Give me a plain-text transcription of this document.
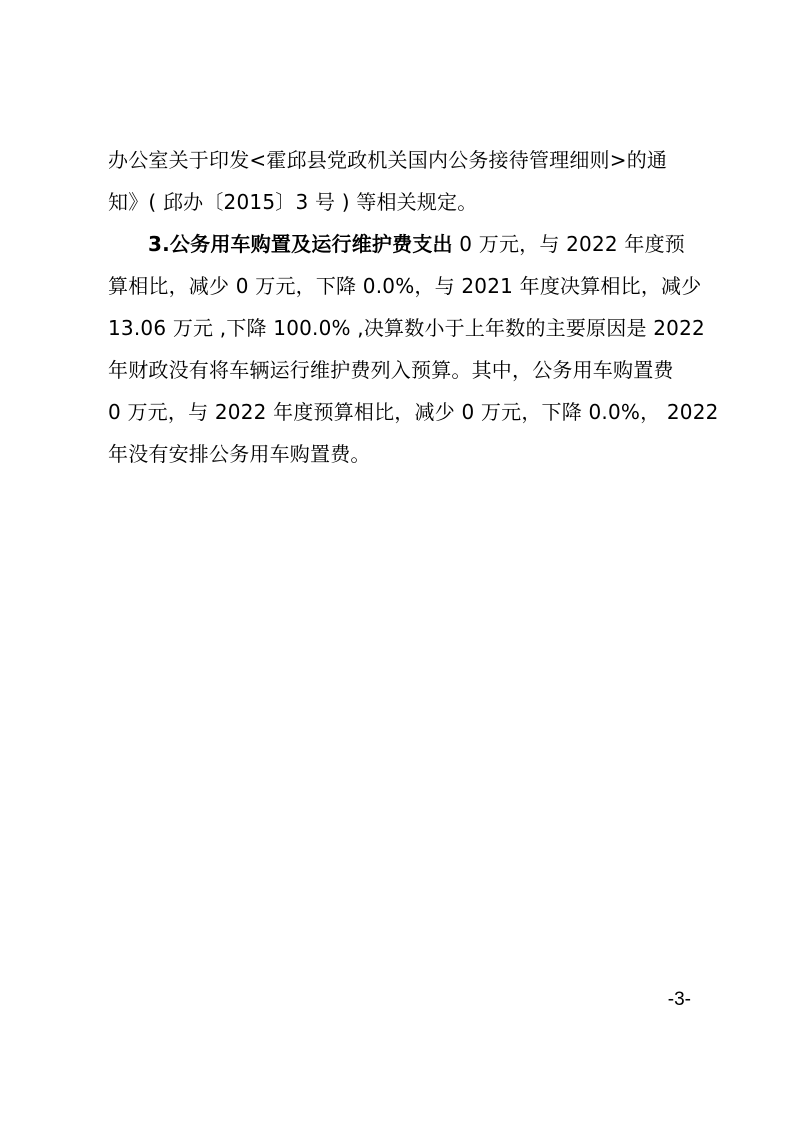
办公室关于印发<霍邱县党政机关国内公务接待管理细则>的通
知》( 邱办〔2015〕3 号 ) 等相关规定。
3.公务用车购置及运行维护费支出 0 万元，与 2022 年度预
算相比，减少 0 万元，下降 0.0%，与 2021 年度决算相比，减少
13.06 万元 ,下降 100.0% ,决算数小于上年数的主要原因是 2022
年财政没有将车辆运行维护费列入预算。其中，公务用车购置费
0 万元，与 2022 年度预算相比，减少 0 万元，下降 0.0%， 2022
年没有安排公务用车购置费。
-3-
